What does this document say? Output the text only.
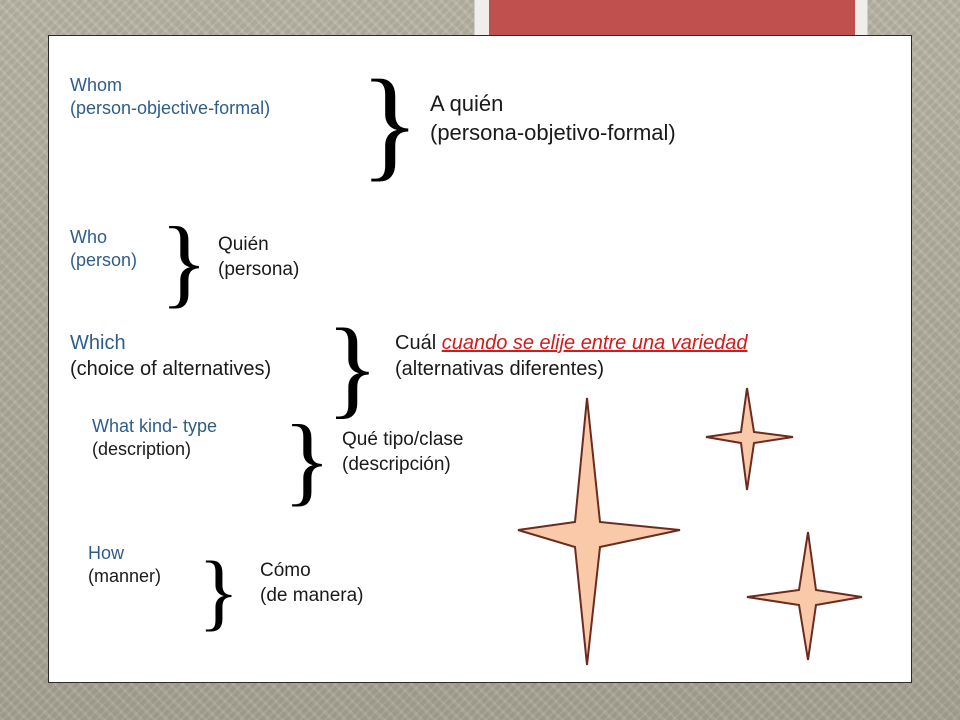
Whom
(person-objective-formal) } A quién
(persona-objetivo-formal)
Who
(person) } Quién
(persona)
Which
(choice of alternatives) } Cuál cuando se elije entre una variedad
(alternativas diferentes)
What kind- type
(description) } Qué tipo/clase
(descripción)
How
(manner) } Cómo
(de manera)
